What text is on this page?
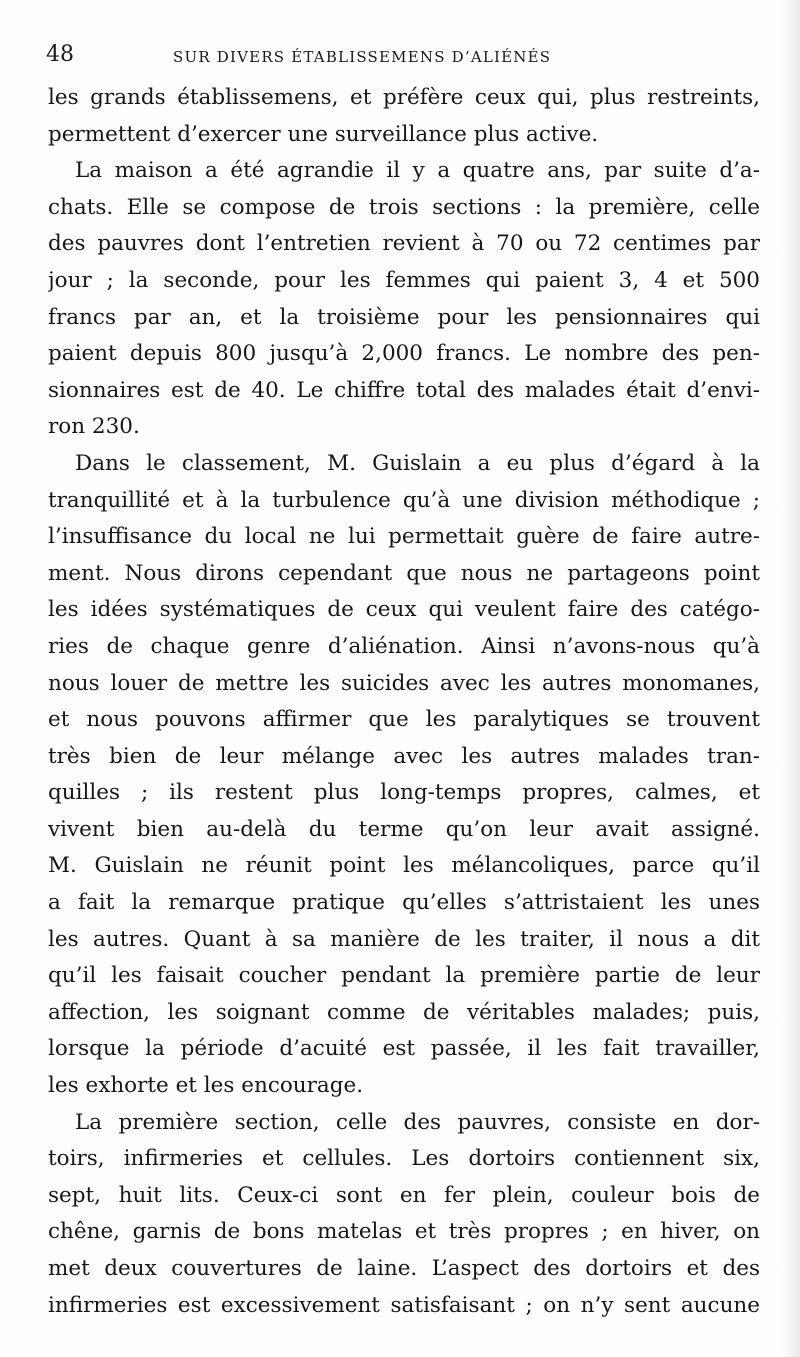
48	SUR DIVERS ÉTABLISSEMENS D’ALIÉNÉS
les grands établissemens, et préfère ceux qui, plus restreints,
permettent d’exercer une surveillance plus active.
La maison a été agrandie il y a quatre ans, par suite d’a-
chats. Elle se compose de trois sections : la première, celle
des pauvres dont l’entretien revient à 70 ou 72 centimes par
jour ; la seconde, pour les femmes qui paient 3, 4 et 500
francs par an, et la troisième pour les pensionnaires qui
paient depuis 800 jusqu’à 2,000 francs. Le nombre des pen-
sionnaires est de 40. Le chiffre total des malades était d’envi-
ron 230.
Dans le classement, M. Guislain a eu plus d’égard à la
tranquillité et à la turbulence qu’à une division méthodique ;
l’insuffisance du local ne lui permettait guère de faire autre-
ment. Nous dirons cependant que nous ne partageons point
les idées systématiques de ceux qui veulent faire des catégo-
ries de chaque genre d’aliénation. Ainsi n’avons-nous qu’à
nous louer de mettre les suicides avec les autres monomanes,
et nous pouvons affirmer que les paralytiques se trouvent
très bien de leur mélange avec les autres malades tran-
quilles ; ils restent plus long-temps propres, calmes, et
vivent bien au-delà du terme qu’on leur avait assigné.
M. Guislain ne réunit point les mélancoliques, parce qu’il
a fait la remarque pratique qu’elles s’attristaient les unes
les autres. Quant à sa manière de les traiter, il nous a dit
qu’il les faisait coucher pendant la première partie de leur
affection, les soignant comme de véritables malades; puis,
lorsque la période d’acuité est passée, il les fait travailler,
les exhorte et les encourage.
La première section, celle des pauvres, consiste en dor-
toirs, infirmeries et cellules. Les dortoirs contiennent six,
sept, huit lits. Ceux-ci sont en fer plein, couleur bois de
chêne, garnis de bons matelas et très propres ; en hiver, on
met deux couvertures de laine. L’aspect des dortoirs et des
infirmeries est excessivement satisfaisant ; on n’y sent aucune
